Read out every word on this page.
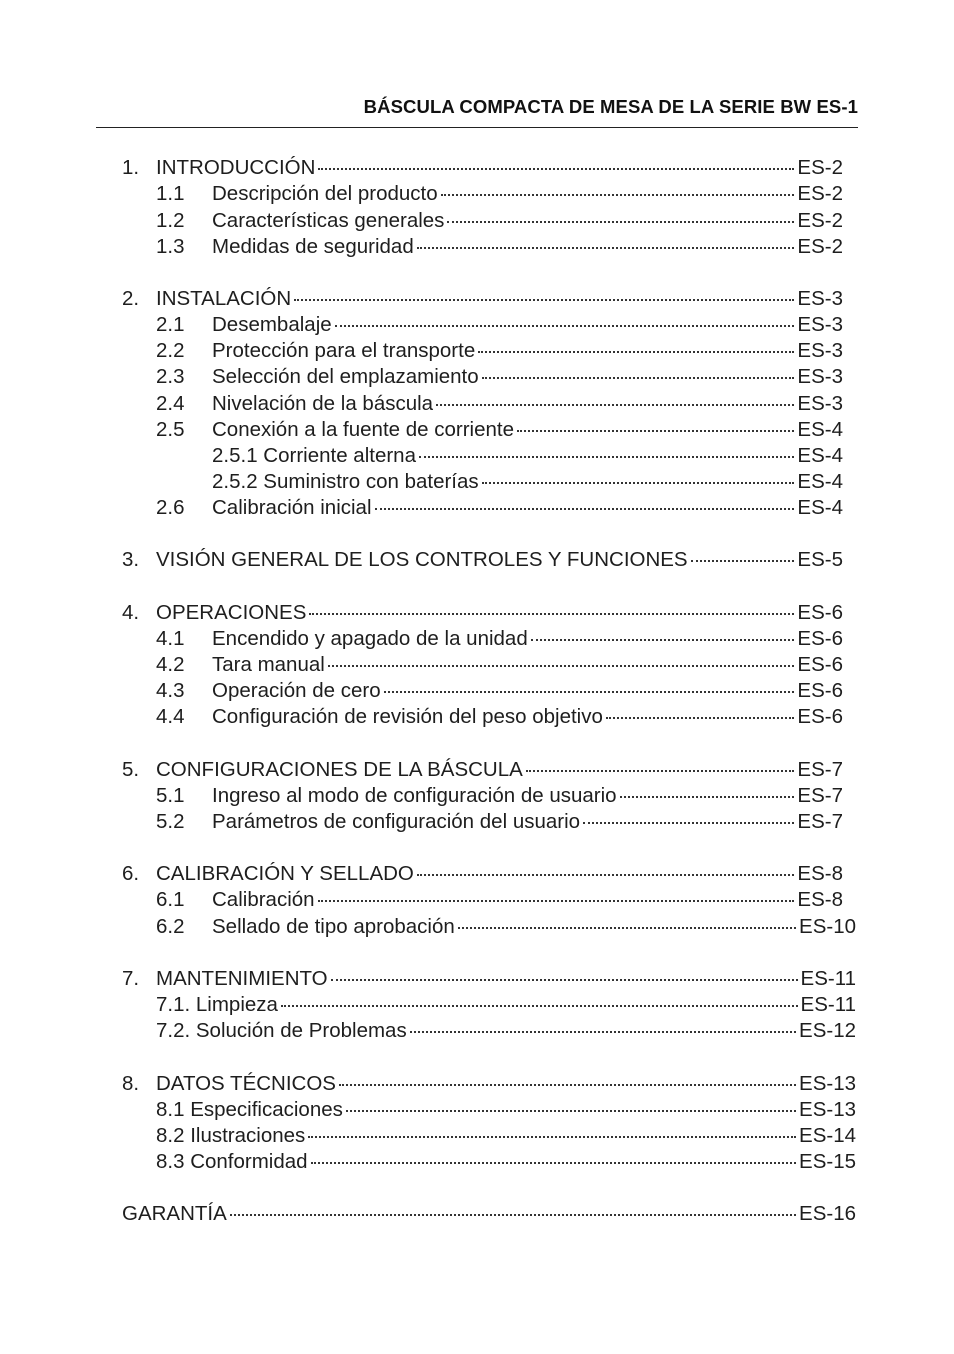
BÁSCULA COMPACTA DE MESA DE LA SERIE BW ES-1
1. INTRODUCCIÓN	ES-2
1.1 Descripción del producto	ES-2
1.2 Características generales	ES-2
1.3 Medidas de seguridad	ES-2
2. INSTALACIÓN	ES-3
2.1 Desembalaje	ES-3
2.2 Protección para el transporte	ES-3
2.3 Selección del emplazamiento	ES-3
2.4 Nivelación de la báscula	ES-3
2.5 Conexión a la fuente de corriente	ES-4
2.5.1 Corriente alterna	ES-4
2.5.2 Suministro con baterías	ES-4
2.6 Calibración inicial	ES-4
3. VISIÓN GENERAL DE LOS CONTROLES Y FUNCIONES	ES-5
4. OPERACIONES	ES-6
4.1 Encendido y apagado de la unidad	ES-6
4.2 Tara manual	ES-6
4.3 Operación de cero	ES-6
4.4 Configuración de revisión del peso objetivo	ES-6
5. CONFIGURACIONES DE LA BÁSCULA	ES-7
5.1 Ingreso al modo de configuración de usuario	ES-7
5.2 Parámetros de configuración del usuario	ES-7
6. CALIBRACIÓN Y SELLADO	ES-8
6.1 Calibración	ES-8
6.2 Sellado de tipo aprobación	ES-10
7. MANTENIMIENTO	ES-11
7.1. Limpieza	ES-11
7.2. Solución de Problemas	ES-12
8. DATOS TÉCNICOS	ES-13
8.1 Especificaciones	ES-13
8.2 Ilustraciones	ES-14
8.3 Conformidad	ES-15
GARANTÍA	ES-16
